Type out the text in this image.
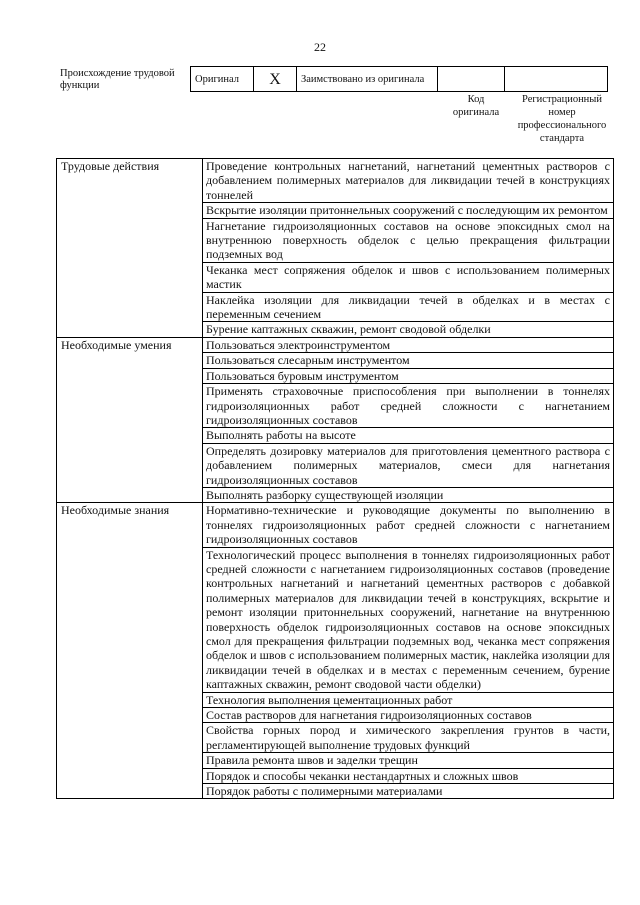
22
Происхождение трудовой функции
Оригинал	X	Заимствовано из оригинала		
Код оригинала
Регистрационный номер профессионального стандарта
Трудовые действия	Проведение контрольных нагнетаний, нагнетаний цементных растворов с добавлением полимерных материалов для ликвидации течей в конструкциях тоннелей
	Вскрытие изоляции притоннельных сооружений с последующим их ремонтом
	Нагнетание гидроизоляционных составов на основе эпоксидных смол на внутреннюю поверхность обделок с целью прекращения фильтрации подземных вод
	Чеканка мест сопряжения обделок и швов с использованием полимерных мастик
	Наклейка изоляции для ликвидации течей в обделках и в местах с переменным сечением
	Бурение каптажных скважин, ремонт сводовой обделки
Необходимые умения	Пользоваться электроинструментом
	Пользоваться слесарным инструментом
	Пользоваться буровым инструментом
	Применять страховочные приспособления при выполнении в тоннелях гидроизоляционных работ средней сложности с нагнетанием гидроизоляционных составов
	Выполнять работы на высоте
	Определять дозировку материалов для приготовления цементного раствора с добавлением полимерных материалов, смеси для нагнетания гидроизоляционных составов
	Выполнять разборку существующей изоляции
Необходимые знания	Нормативно-технические и руководящие документы по выполнению в тоннелях гидроизоляционных работ средней сложности с нагнетанием гидроизоляционных составов
	Технологический процесс выполнения в тоннелях гидроизоляционных работ средней сложности с нагнетанием гидроизоляционных составов (проведение контрольных нагнетаний и нагнетаний цементных растворов с добавкой полимерных материалов для ликвидации течей в конструкциях, вскрытие и ремонт изоляции притоннельных сооружений, нагнетание на внутреннюю поверхность обделок гидроизоляционных составов на основе эпоксидных смол для прекращения фильтрации подземных вод, чеканка мест сопряжения обделок и швов с использованием полимерных мастик, наклейка изоляции для ликвидации течей в обделках и в местах с переменным сечением, бурение каптажных скважин, ремонт сводовой части обделки)
	Технология выполнения цементационных работ
	Состав растворов для нагнетания гидроизоляционных составов
	Свойства горных пород и химического закрепления грунтов в части, регламентирующей выполнение трудовых функций
	Правила ремонта швов и заделки трещин
	Порядок и способы чеканки нестандартных и сложных швов
	Порядок работы с полимерными материалами
